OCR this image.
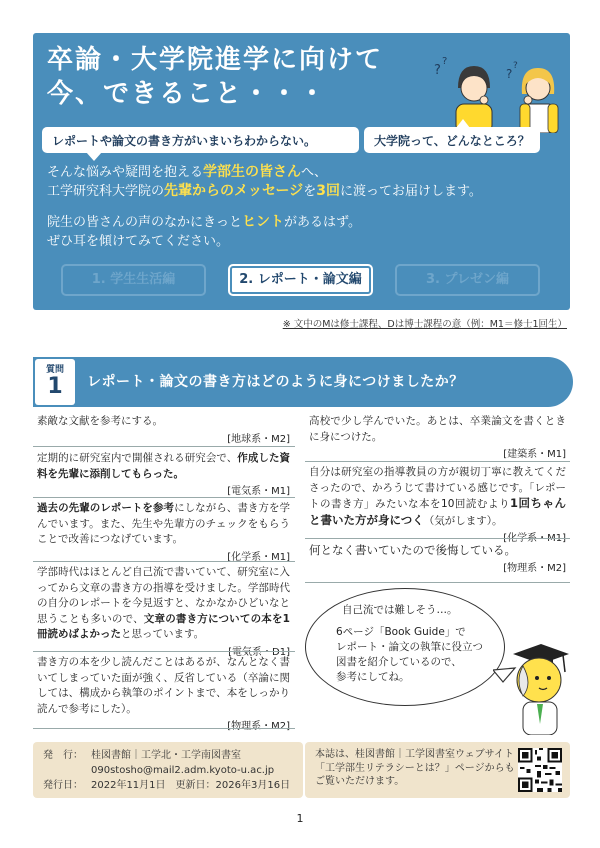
卒論・大学院進学に向けて
今、できること・・・
?
?
?
?
レポートや論文の書き方がいまいちわからない。	大学院って、どんなところ？
そんな悩みや疑問を抱える学部生の皆さんへ、
工学研究科大学院の先輩からのメッセージを3回に渡ってお届けします。
院生の皆さんの声のなかにきっとヒントがあるはず。
ぜひ耳を傾けてみてください。
1. 学生生活編	2. レポート・論文編	3. プレゼン編
※ 文中のMは修士課程、Dは博士課程の意（例：M1＝修士1回生）
質問
1	レポート・論文の書き方はどのように身につけましたか？

素敵な文献を参考にする。

[地球系・M2]

定期的に研究室内で開催される研究会で、作成した資料を先輩に添削してもらった。

[電気系・M1]

過去の先輩のレポートを参考にしながら、書き方を学んでいます。また、先生や先輩方のチェックをもらうことで改善につなげています。

[化学系・M1]

学部時代はほとんど自己流で書いていて、研究室に入ってから文章の書き方の指導を受けました。学部時代の自分のレポートを今見返すと、なかなかひどいなと思うことも多いので、文章の書き方についての本を1冊読めばよかったと思っています。

[電気系・D1]

書き方の本を少し読んだことはあるが、なんとなく書いてしまっていた面が強く、反省している（卒論に関しては、構成から執筆のポイントまで、本をしっかり読んで参考にした）。

[物理系・M2]

高校で少し学んでいた。あとは、卒業論文を書くときに身につけた。

[建築系・M1]

自分は研究室の指導教員の方が親切丁寧に教えてくださったので、かろうじて書けている感じです。「レポートの書き方」みたいな本を10回読むより1回ちゃんと書いた方が身につく（気がします）。

[化学系・M1]

何となく書いていたので後悔している。

[物理系・M2]
自己流では難しそう…。
6ページ「Book Guide」で
レポート・論文の執筆に役立つ
図書を紹介しているので、
参考にしてね。
発　行： 桂図書館｜工学北・工学南図書室
090stosho@mail2.adm.kyoto-u.ac.jp
発行日： 2022年11月1日　更新日：2026年3月16日
本誌は、桂図書館｜工学図書室ウェブサイト「工学部生リテラシーとは？」ページからもご覧いただけます。
1
